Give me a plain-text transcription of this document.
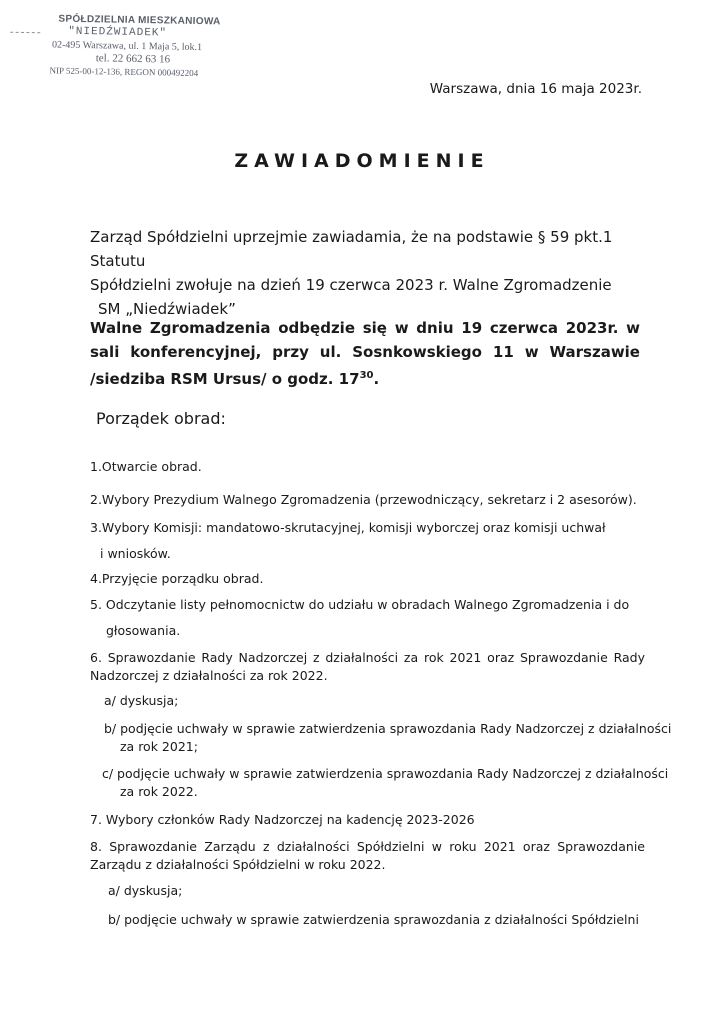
SPÓŁDZIELNIA MIESZKANIOWA
"NIEDŹWIADEK"
02-495 Warszawa, ul. 1 Maja 5, lok.1
tel. 22 662 63 16
NIP 525-00-12-136, REGON 000492204
Warszawa, dnia 16 maja 2023r.
ZAWIADOMIENIE
Zarząd Spółdzielni uprzejmie zawiadamia, że na podstawie § 59 pkt.1 Statutu
Spółdzielni zwołuje na dzień 19 czerwca 2023 r. Walne Zgromadzenie
SM „Niedźwiadek”
Walne Zgromadzenia odbędzie się w dniu 19 czerwca 2023r. w sali konferencyjnej, przy ul. Sosnkowskiego 11 w Warszawie /siedziba RSM Ursus/ o godz. $17^{30}$.
Porządek obrad:
1.Otwarcie obrad.
2.Wybory Prezydium Walnego Zgromadzenia (przewodniczący, sekretarz i 2 asesorów).
3.Wybory Komisji: mandatowo-skrutacyjnej, komisji wyborczej oraz komisji uchwał
i wniosków.
4.Przyjęcie porządku obrad.
5. Odczytanie listy pełnomocnictw do udziału w obradach Walnego Zgromadzenia i do
głosowania.
6. Sprawozdanie Rady Nadzorczej z działalności za rok 2021 oraz Sprawozdanie Rady Nadzorczej z działalności za rok 2022.
a/ dyskusja;
b/ podjęcie uchwały w sprawie zatwierdzenia sprawozdania Rady Nadzorczej z działalności
za rok 2021;
c/ podjęcie uchwały w sprawie zatwierdzenia sprawozdania Rady Nadzorczej z działalności
za rok 2022.
7. Wybory członków Rady Nadzorczej na kadencję 2023-2026
8. Sprawozdanie Zarządu z działalności Spółdzielni w roku 2021 oraz Sprawozdanie Zarządu z działalności Spółdzielni w roku 2022.
a/ dyskusja;
b/ podjęcie uchwały w sprawie zatwierdzenia sprawozdania z działalności Spółdzielni
